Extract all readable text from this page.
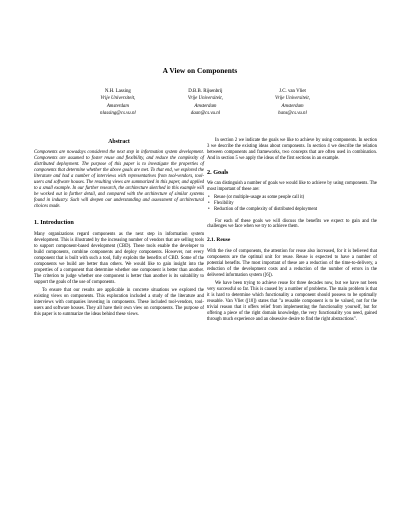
A View on Components
N.H. Lassing
Vrije Universiteit,
Amsterdam
nlassing@cs.vu.nl
D.B.B. Rijsenbrij
Vrije Universiteit,
Amsterdam
daan@cs.vu.nl
J.C. van Vliet
Vrije Universiteit,
Amsterdam
hans@cs.vu.nl
Abstract

Components are nowadays considered the next step in information system development. Components are assumed to foster reuse and flexibility, and reduce the complexity of distributed deployment. The purpose of this paper is to investigate the properties of components that determine whether the above goals are met. To that end, we explored the literature and had a number of interviews with representatives from tool-vendors, tool-users and software houses. The resulting views are summarized in this paper, and applied to a small example. In our further research, the architecture sketched in this example will be worked out in further detail, and compared with the architecture of similar systems found in industry. Such will deepen our understanding and assessment of architectural choices made.

1. Introduction

Many organizations regard components as the next step in information system development. This is illustrated by the increasing number of vendors that are selling tools to support component-based development (CBD). These tools enable the developer to build components, combine components and deploy components. However, not every component that is built with such a tool, fully exploits the benefits of CBD. Some of the components we build are better than others. We would like to gain insight into the properties of a component that determine whether one component is better than another. The criterion to judge whether one component is better than another is its suitability to support the goals of the use of components.

To ensure that our results are applicable in concrete situations we explored the existing views on components. This exploration included a study of the literature and interviews with companies investing in components. These included tool-vendors, tool-users and software houses. They all have their own view on components. The purpose of this paper is to summarize the ideas behind these views.

In section 2 we indicate the goals we like to achieve by using components. In section 3 we describe the existing ideas about components. In section 4 we describe the relation between components and frameworks, two concepts that are often used in combination. And in section 5 we apply the ideas of the first sections in an example.

2. Goals

We can distinguish a number of goals we would like to achieve by using components. The most important of these are:

• Reuse (or multiple-usage as some people call it)
• Flexibility
• Reduction of the complexity of distributed deployment

For each of these goals we will discuss the benefits we expect to gain and the challenges we face when we try to achieve them.

2.1. Reuse

With the rise of components, the attention for reuse also increased, for it is believed that components are the optimal unit for reuse. Reuse is expected to have a number of potential benefits. The most important of these are a reduction of the time-to-delivery, a reduction of the development costs and a reduction of the number of errors in the delivered information system ([6]).

We have been trying to achieve reuse for three decades now, but we have not been very successful so far. This is caused by a number of problems. The main problem is that it is hard to determine which functionality a component should possess to be optimally reusable. Van Vliet ([10]) states that "a reusable component is to be valued, not for the trivial reason that it offers relief from implementing the functionality yourself, but for offering a piece of the right domain knowledge, the very functionality you need, gained through much experience and an obsessive desire to find the right abstractions".
